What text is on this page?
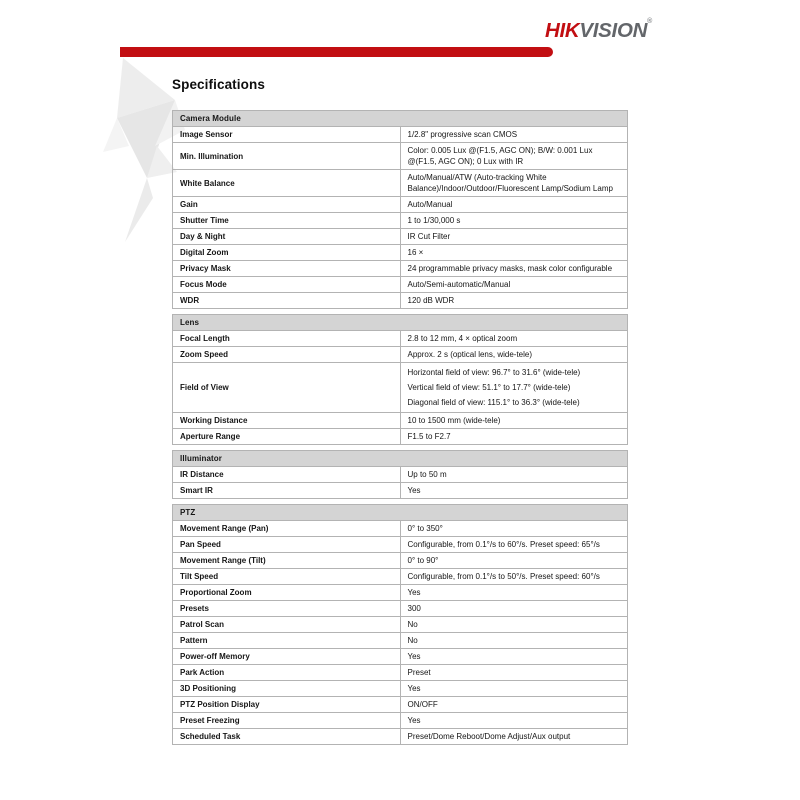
HIKVISION®
Specifications
Camera Module	
Image Sensor	1/2.8" progressive scan CMOS
Min. Illumination	Color: 0.005 Lux @(F1.5, AGC ON); B/W: 0.001 Lux @(F1.5, AGC ON); 0 Lux with IR
White Balance	Auto/Manual/ATW (Auto-tracking White Balance)/Indoor/Outdoor/Fluorescent Lamp/Sodium Lamp
Gain	Auto/Manual
Shutter Time	1 to 1/30,000 s
Day & Night	IR Cut Filter
Digital Zoom	16 ×
Privacy Mask	24 programmable privacy masks, mask color configurable
Focus Mode	Auto/Semi-automatic/Manual
WDR	120 dB WDR
Lens	
Focal Length	2.8 to 12 mm, 4 × optical zoom
Zoom Speed	Approx. 2 s (optical lens, wide-tele)
Field of View	Horizontal field of view: 96.7° to 31.6° (wide-tele)
Vertical field of view: 51.1° to 17.7° (wide-tele)
Diagonal field of view: 115.1° to 36.3° (wide-tele)

Working Distance	10 to 1500 mm (wide-tele)
Aperture Range	F1.5 to F2.7
Illuminator	
IR Distance	Up to 50 m
Smart IR	Yes
PTZ	
Movement Range (Pan)	0° to 350°
Pan Speed	Configurable, from 0.1°/s to 60°/s. Preset speed: 65°/s
Movement Range (Tilt)	0° to 90°
Tilt Speed	Configurable, from 0.1°/s to 50°/s. Preset speed: 60°/s
Proportional Zoom	Yes
Presets	300
Patrol Scan	No
Pattern	No
Power-off Memory	Yes
Park Action	Preset
3D Positioning	Yes
PTZ Position Display	ON/OFF
Preset Freezing	Yes
Scheduled Task	Preset/Dome Reboot/Dome Adjust/Aux output
